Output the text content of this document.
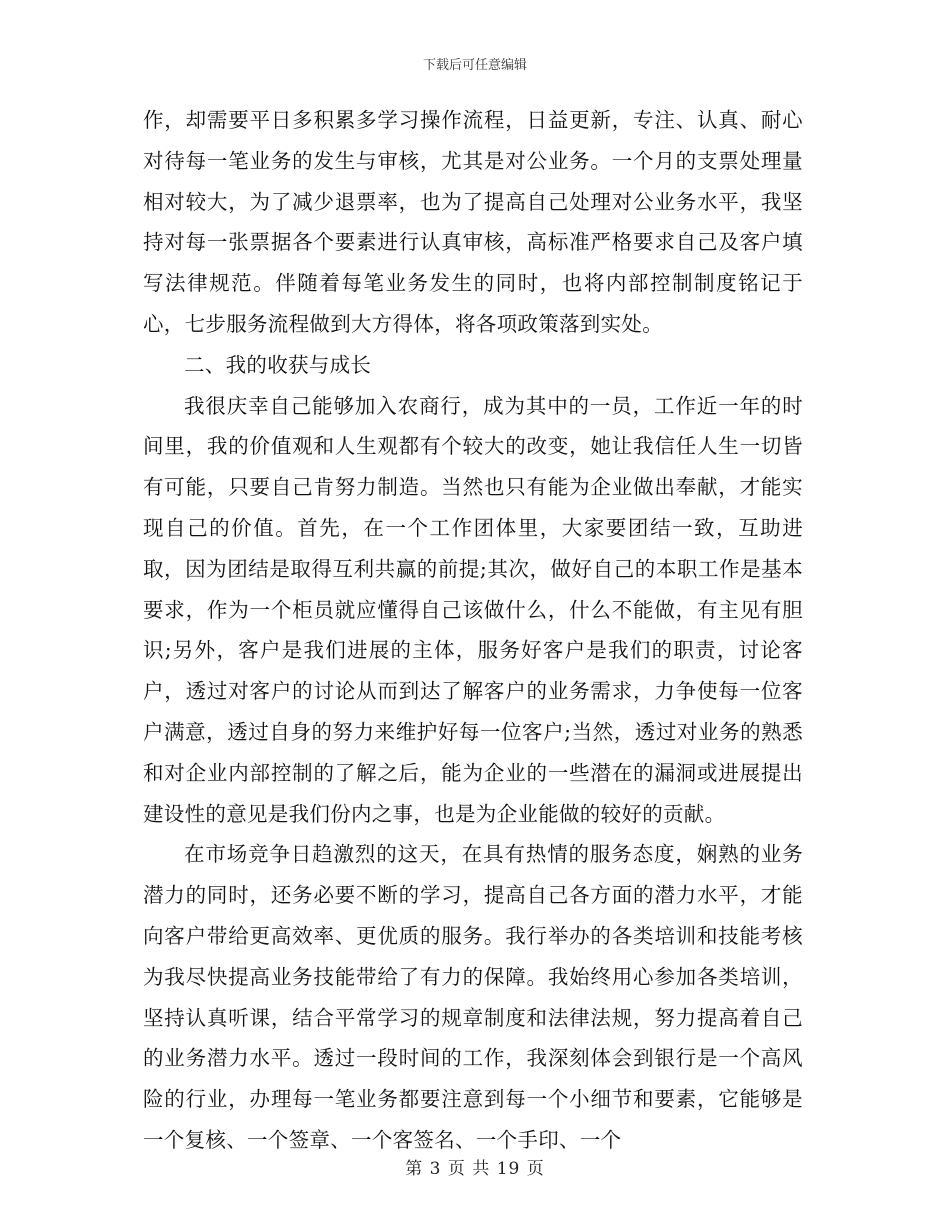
下载后可任意编辑

作，却需要平日多积累多学习操作流程，日益更新，专注、认真、耐心对待每一笔业务的发生与审核，尤其是对公业务。一个月的支票处理量相对较大，为了减少退票率，也为了提高自己处理对公业务水平，我坚持对每一张票据各个要素进行认真审核，高标准严格要求自己及客户填写法律规范。伴随着每笔业务发生的同时，也将内部控制制度铭记于心，七步服务流程做到大方得体，将各项政策落到实处。

二、我的收获与成长

我很庆幸自己能够加入农商行，成为其中的一员，工作近一年的时间里，我的价值观和人生观都有个较大的改变，她让我信任人生一切皆有可能，只要自己肯努力制造。当然也只有能为企业做出奉献，才能实现自己的价值。首先，在一个工作团体里，大家要团结一致，互助进取，因为团结是取得互利共赢的前提;其次，做好自己的本职工作是基本要求，作为一个柜员就应懂得自己该做什么，什么不能做，有主见有胆识;另外，客户是我们进展的主体，服务好客户是我们的职责，讨论客户，透过对客户的讨论从而到达了解客户的业务需求，力争使每一位客户满意，透过自身的努力来维护好每一位客户;当然，透过对业务的熟悉和对企业内部控制的了解之后，能为企业的一些潜在的漏洞或进展提出建设性的意见是我们份内之事，也是为企业能做的较好的贡献。

在市场竞争日趋激烈的这天，在具有热情的服务态度，娴熟的业务潜力的同时，还务必要不断的学习，提高自己各方面的潜力水平，才能向客户带给更高效率、更优质的服务。我行举办的各类培训和技能考核为我尽快提高业务技能带给了有力的保障。我始终用心参加各类培训，坚持认真听课，结合平常学习的规章制度和法律法规，努力提高着自己的业务潜力水平。透过一段时间的工作，我深刻体会到银行是一个高风险的行业，办理每一笔业务都要注意到每一个小细节和要素，它能够是一个复核、一个签章、一个客签名、一个手印、一个

第 3 页 共 19 页
